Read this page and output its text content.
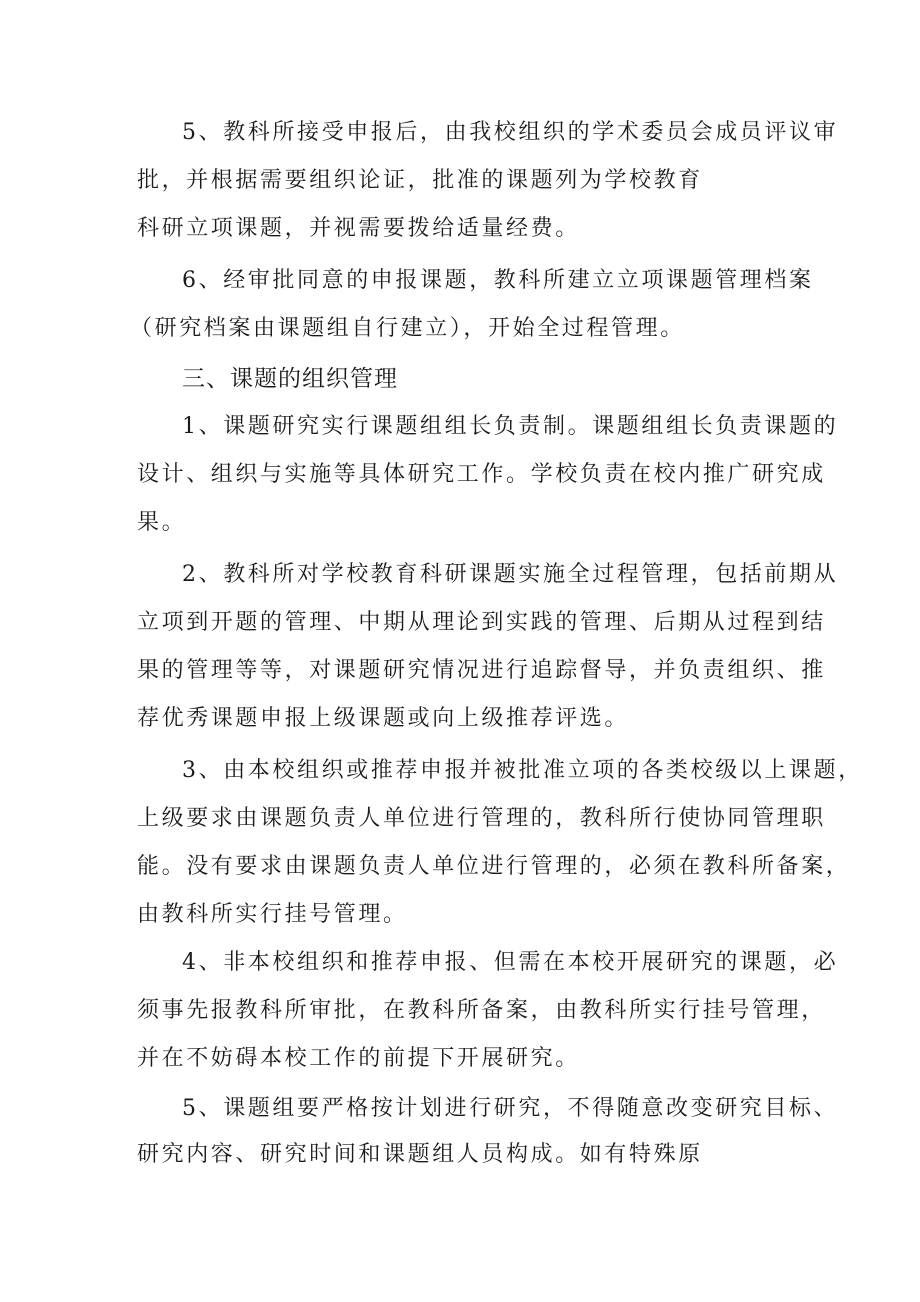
5、教科所接受申报后，由我校组织的学术委员会成员评议审
批，并根据需要组织论证，批准的课题列为学校教育
科研立项课题，并视需要拨给适量经费。
6、经审批同意的申报课题，教科所建立立项课题管理档案
（研究档案由课题组自行建立），开始全过程管理。
三、课题的组织管理
1、课题研究实行课题组组长负责制。课题组组长负责课题的
设计、组织与实施等具体研究工作。学校负责在校内推广研究成
果。
2、教科所对学校教育科研课题实施全过程管理，包括前期从
立项到开题的管理、中期从理论到实践的管理、后期从过程到结
果的管理等等，对课题研究情况进行追踪督导，并负责组织、推
荐优秀课题申报上级课题或向上级推荐评选。
3、由本校组织或推荐申报并被批准立项的各类校级以上课题，
上级要求由课题负责人单位进行管理的，教科所行使协同管理职
能。没有要求由课题负责人单位进行管理的，必须在教科所备案，
由教科所实行挂号管理。
4、非本校组织和推荐申报、但需在本校开展研究的课题，必
须事先报教科所审批，在教科所备案，由教科所实行挂号管理，
并在不妨碍本校工作的前提下开展研究。
5、课题组要严格按计划进行研究，不得随意改变研究目标、
研究内容、研究时间和课题组人员构成。如有特殊原
